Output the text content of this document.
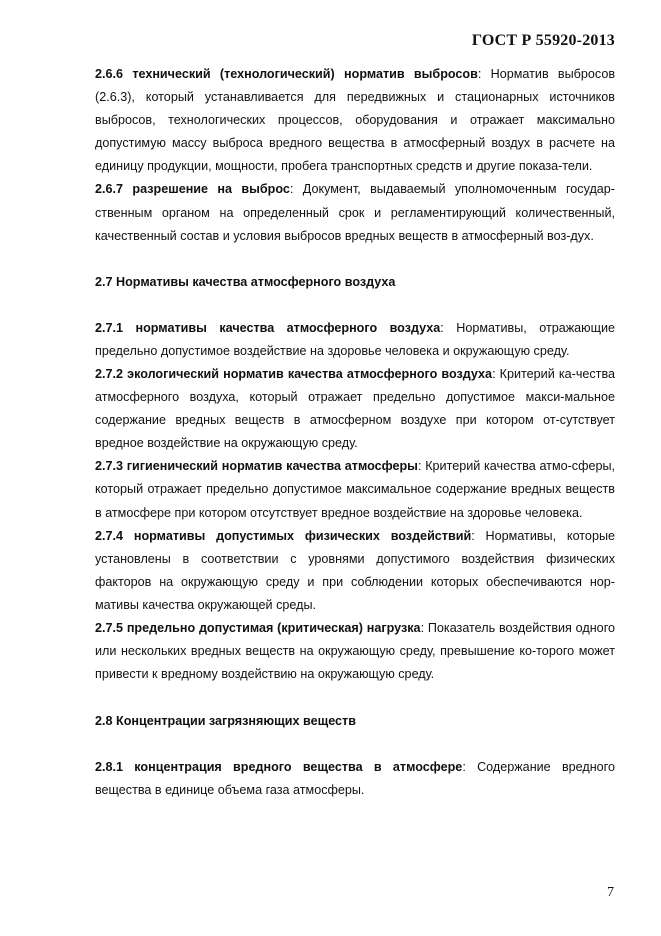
ГОСТ Р 55920-2013

2.6.6 технический (технологический) норматив выбросов: Норматив выбросов (2.6.3), который устанавливается для передвижных и стационарных источников выбросов, технологических процессов, оборудования и отражает максимально допустимую массу выброса вредного вещества в атмосферный воздух в расчете на единицу продукции, мощности, пробега транспортных средств и другие показа-тели.

2.6.7 разрешение на выброс: Документ, выдаваемый уполномоченным государ-ственным органом на определенный срок и регламентирующий количественный, качественный состав и условия выбросов вредных веществ в атмосферный воз-дух.

2.7 Нормативы качества атмосферного воздуха

2.7.1 нормативы качества атмосферного воздуха: Нормативы, отражающие предельно допустимое воздействие на здоровье человека и окружающую среду.

2.7.2 экологический норматив качества атмосферного воздуха: Критерий ка-чества атмосферного воздуха, который отражает предельно допустимое макси-мальное содержание вредных веществ в атмосферном воздухе при котором от-сутствует вредное воздействие на окружающую среду.

2.7.3 гигиенический норматив качества атмосферы: Критерий качества атмо-сферы, который отражает предельно допустимое максимальное содержание вредных веществ в атмосфере при котором отсутствует вредное воздействие на здоровье человека.

2.7.4 нормативы допустимых физических воздействий: Нормативы, которые установлены в соответствии с уровнями допустимого воздействия физических факторов на окружающую среду и при соблюдении которых обеспечиваются нор-мативы качества окружающей среды.

2.7.5 предельно допустимая (критическая) нагрузка: Показатель воздействия одного или нескольких вредных веществ на окружающую среду, превышение ко-торого может привести к вредному воздействию на окружающую среду.

2.8 Концентрации загрязняющих веществ

2.8.1 концентрация вредного вещества в атмосфере: Содержание вредного вещества в единице объема газа атмосферы.

7
